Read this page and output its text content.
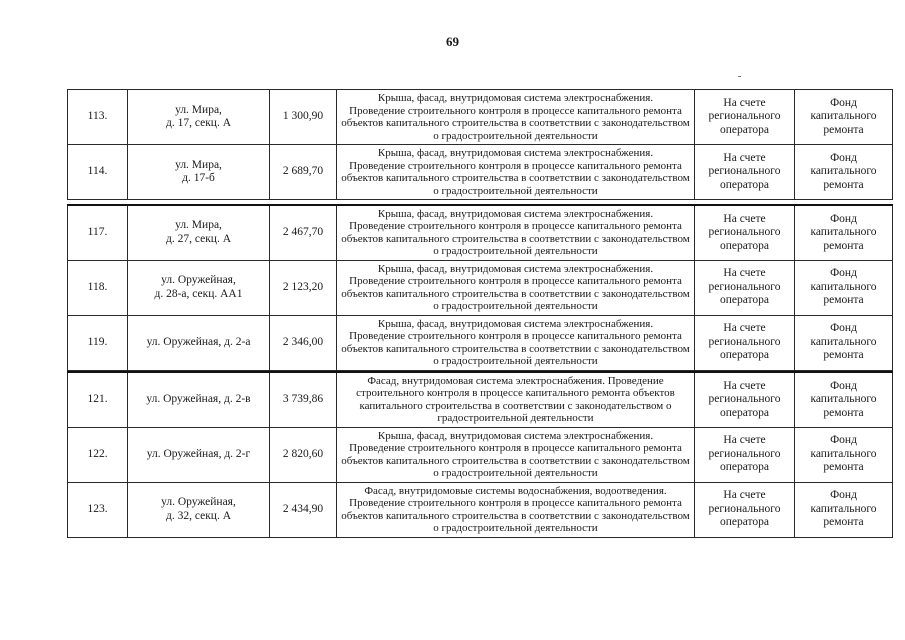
69
113.	ул. Мира,
д. 17, секц. А	1 300,90	Крыша, фасад, внутридомовая система электроснабжения.
Проведение строительного контроля в процессе капитального ремонта объектов капитального строительства в соответствии с законодательством о градостроительной деятельности	На счете регионального оператора	Фонд капитального ремонта
114.	ул. Мира,
д. 17-б	2 689,70	Крыша, фасад, внутридомовая система электроснабжения.
Проведение строительного контроля в процессе капитального ремонта объектов капитального строительства в соответствии с законодательством о градостроительной деятельности	На счете регионального оператора	Фонд капитального ремонта
117.	ул. Мира,
д. 27, секц. А	2 467,70	Крыша, фасад, внутридомовая система электроснабжения.
Проведение строительного контроля в процессе капитального ремонта объектов капитального строительства в соответствии с законодательством о градостроительной деятельности	На счете регионального оператора	Фонд капитального ремонта
118.	ул. Оружейная,
д. 28-а, секц. АА1	2 123,20	Крыша, фасад, внутридомовая система электроснабжения.
Проведение строительного контроля в процессе капитального ремонта объектов капитального строительства в соответствии с законодательством о градостроительной деятельности	На счете регионального оператора	Фонд капитального ремонта
119.	ул. Оружейная, д. 2-а	2 346,00	Крыша, фасад, внутридомовая система электроснабжения.
Проведение строительного контроля в процессе капитального ремонта объектов капитального строительства в соответствии с законодательством о градостроительной деятельности	На счете регионального оператора	Фонд капитального ремонта
121.	ул. Оружейная, д. 2-в	3 739,86	Фасад, внутридомовая система электроснабжения. Проведение строительного контроля в процессе капитального ремонта объектов капитального строительства в соответствии с законодательством о градостроительной деятельности	На счете регионального оператора	Фонд капитального ремонта
122.	ул. Оружейная, д. 2-г	2 820,60	Крыша, фасад, внутридомовая система электроснабжения.
Проведение строительного контроля в процессе капитального ремонта объектов капитального строительства в соответствии с законодательством о градостроительной деятельности	На счете регионального оператора	Фонд капитального ремонта
123.	ул. Оружейная,
д. 32, секц. А	2 434,90	Фасад, внутридомовые системы водоснабжения, водоотведения.
Проведение строительного контроля в процессе капитального ремонта объектов капитального строительства в соответствии с законодательством о градостроительной деятельности	На счете регионального оператора	Фонд капитального ремонта
